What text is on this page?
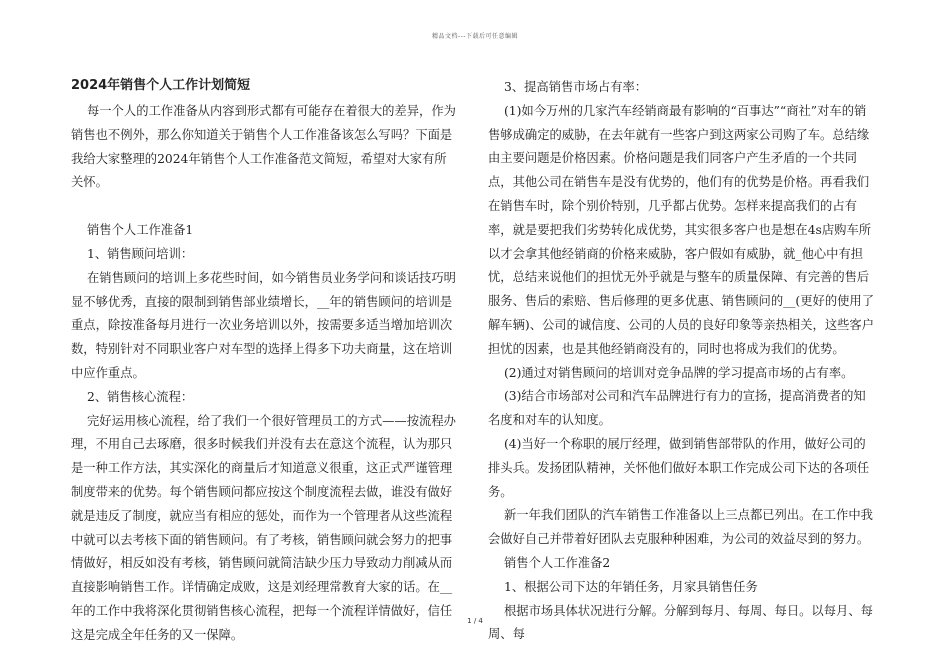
精品文档---下载后可任意编辑
2024年销售个人工作计划简短

每一个人的工作准备从内容到形式都有可能存在着很大的差异，作为销售也不例外，那么你知道关于销售个人工作准备该怎么写吗？下面是我给大家整理的2024年销售个人工作准备范文简短，希望对大家有所关怀。

销售个人工作准备1

1、销售顾问培训：

在销售顾问的培训上多花些时间，如今销售员业务学问和谈话技巧明显不够优秀，直接的限制到销售部业绩增长，__年的销售顾问的培训是重点，除按准备每月进行一次业务培训以外，按需要多适当增加培训次数，特别针对不同职业客户对车型的选择上得多下功夫商量，这在培训中应作重点。

2、销售核心流程：

完好运用核心流程，给了我们一个很好管理员工的方式——按流程办理，不用自己去琢磨，很多时候我们并没有去在意这个流程，认为那只是一种工作方法，其实深化的商量后才知道意义很重，这正式严谨管理制度带来的优势。每个销售顾问都应按这个制度流程去做，谁没有做好就是违反了制度，就应当有相应的惩处，而作为一个管理者从这些流程中就可以去考核下面的销售顾问。有了考核，销售顾问就会努力的把事情做好，相反如没有考核，销售顾问就简洁缺少压力导致动力削减从而直接影响销售工作。详情确定成败，这是刘经理常教育大家的话。在__年的工作中我将深化贯彻销售核心流程，把每一个流程详情做好，信任这是完成全年任务的又一保障。

3、提高销售市场占有率：

(1)如今万州的几家汽车经销商最有影响的“百事达”“商社”对车的销售够成确定的威胁，在去年就有一些客户到这两家公司购了车。总结缘由主要问题是价格因素。价格问题是我们同客户产生矛盾的一个共同点，其他公司在销售车是没有优势的，他们有的优势是价格。再看我们在销售车时，除个别价特别，几乎都占优势。怎样来提高我们的占有率，就是要把我们劣势转化成优势，其实很多客户也是想在4s店购车所以才会拿其他经销商的价格来威胁，客户假如有威胁，就_他心中有担忧，总结来说他们的担忧无外乎就是与整车的质量保障、有完善的售后服务、售后的索赔、售后修理的更多优惠、销售顾问的__(更好的使用了解车辆)、公司的诚信度、公司的人员的良好印象等亲热相关，这些客户担忧的因素，也是其他经销商没有的，同时也将成为我们的优势。

(2)通过对销售顾问的培训对竞争品牌的学习提高市场的占有率。

(3)结合市场部对公司和汽车品牌进行有力的宣扬，提高消费者的知名度和对车的认知度。

(4)当好一个称职的展厅经理，做到销售部带队的作用，做好公司的排头兵。发扬团队精神，关怀他们做好本职工作完成公司下达的各项任务。

新一年我们团队的汽车销售工作准备以上三点都已列出。在工作中我会做好自己并带着好团队去克服种种困难，为公司的效益尽到的努力。

销售个人工作准备2

1、根据公司下达的年销任务，月家具销售任务

根据市场具体状况进行分解。分解到每月、每周、每日。以每月、每周、每

1 / 4
